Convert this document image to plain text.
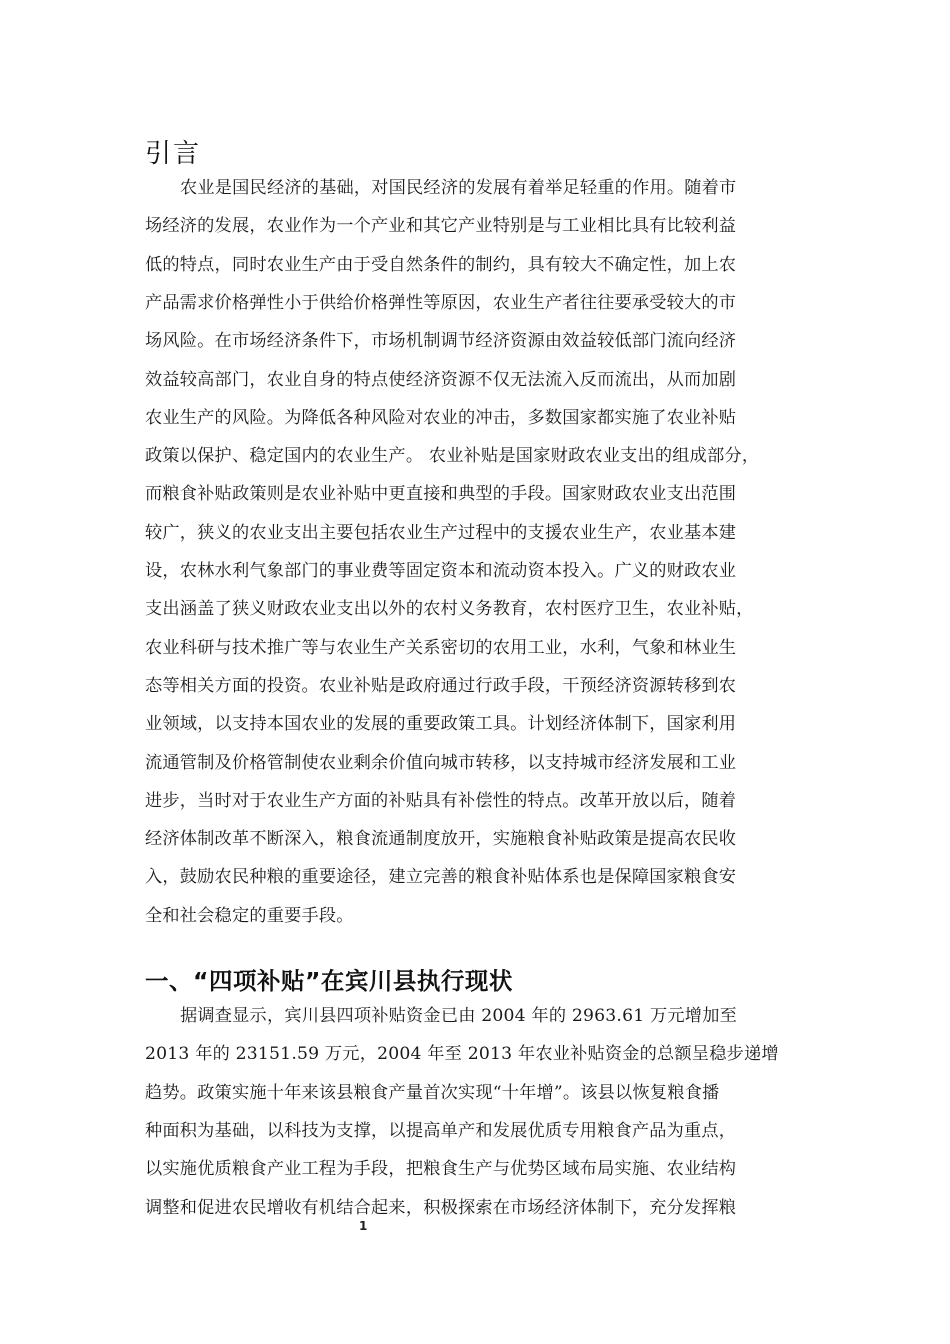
引言

农业是国民经济的基础，对国民经济的发展有着举足轻重的作用。随着市

场经济的发展，农业作为一个产业和其它产业特别是与工业相比具有比较利益

低的特点，同时农业生产由于受自然条件的制约，具有较大不确定性，加上农

产品需求价格弹性小于供给价格弹性等原因，农业生产者往往要承受较大的市

场风险。在市场经济条件下，市场机制调节经济资源由效益较低部门流向经济

效益较高部门，农业自身的特点使经济资源不仅无法流入反而流出，从而加剧

农业生产的风险。为降低各种风险对农业的冲击，多数国家都实施了农业补贴

政策以保护、稳定国内的农业生产。 农业补贴是国家财政农业支出的组成部分，

而粮食补贴政策则是农业补贴中更直接和典型的手段。国家财政农业支出范围

较广，狭义的农业支出主要包括农业生产过程中的支援农业生产，农业基本建

设，农林水利气象部门的事业费等固定资本和流动资本投入。广义的财政农业

支出涵盖了狭义财政农业支出以外的农村义务教育，农村医疗卫生，农业补贴，

农业科研与技术推广等与农业生产关系密切的农用工业，水利，气象和林业生

态等相关方面的投资。农业补贴是政府通过行政手段，干预经济资源转移到农

业领域，以支持本国农业的发展的重要政策工具。计划经济体制下，国家利用

流通管制及价格管制使农业剩余价值向城市转移，以支持城市经济发展和工业

进步，当时对于农业生产方面的补贴具有补偿性的特点。改革开放以后，随着

经济体制改革不断深入，粮食流通制度放开，实施粮食补贴政策是提高农民收

入，鼓励农民种粮的重要途径，建立完善的粮食补贴体系也是保障国家粮食安

全和社会稳定的重要手段。

一、“四项补贴”在宾川县执行现状

据调查显示，宾川县四项补贴资金已由 2004 年的 2963.61 万元增加至

2013 年的 23151.59 万元，2004 年至 2013 年农业补贴资金的总额呈稳步递增

趋势。政策实施十年来该县粮食产量首次实现“十年增”。该县以恢复粮食播

种面积为基础，以科技为支撑，以提高单产和发展优质专用粮食产品为重点，

以实施优质粮食产业工程为手段，把粮食生产与优势区域布局实施、农业结构

调整和促进农民增收有机结合起来，积极探索在市场经济体制下，充分发挥粮

1
